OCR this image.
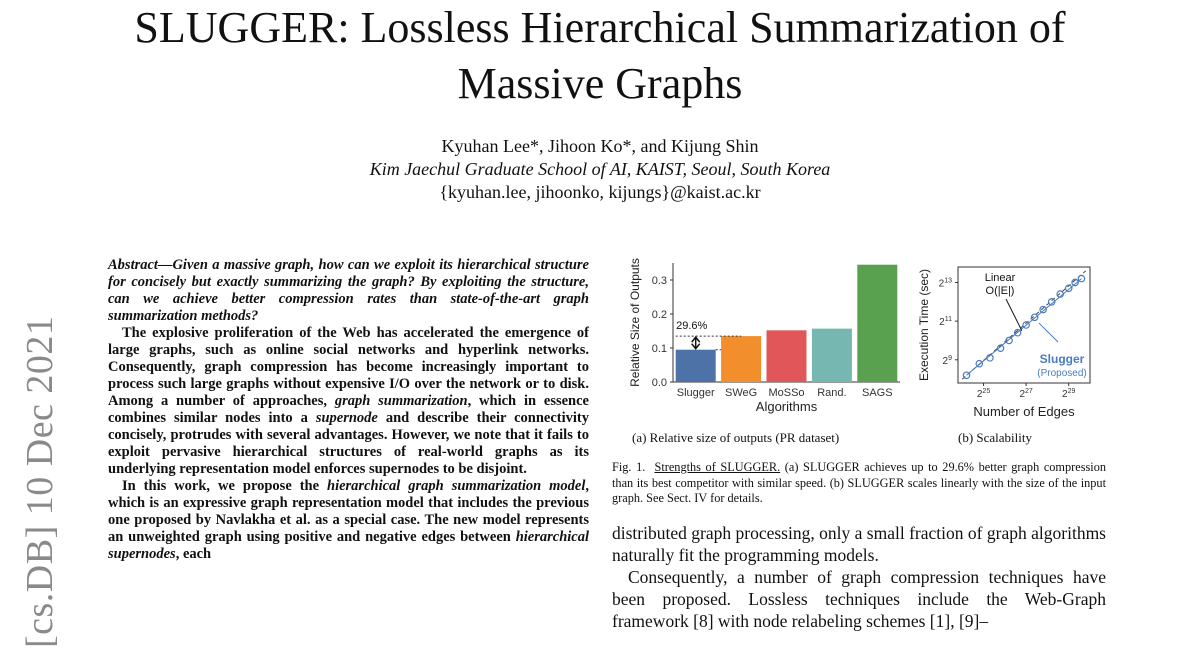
SLUGGER: Lossless Hierarchical Summarization of
Massive Graphs
Kyuhan Lee*, Jihoon Ko*, and Kijung Shin
Kim Jaechul Graduate School of AI, KAIST, Seoul, South Korea
{kyuhan.lee, jihoonko, kijungs}@kaist.ac.kr
[cs.DB] 10 Dec 2021

Abstract—Given a massive graph, how can we exploit its hierarchical structure for concisely but exactly summarizing the graph? By exploiting the structure, can we achieve better compression rates than state-of-the-art graph summarization methods?

The explosive proliferation of the Web has accelerated the emergence of large graphs, such as online social networks and hyperlink networks. Consequently, graph compression has become increasingly important to process such large graphs without expensive I/O over the network or to disk. Among a number of approaches, graph summarization, which in essence combines similar nodes into a supernode and describe their connectivity concisely, protrudes with several advantages. However, we note that it fails to exploit pervasive hierarchical structures of real-world graphs as its underlying representation model enforces supernodes to be disjoint.

In this work, we propose the hierarchical graph summarization model, which is an expressive graph representation model that includes the previous one proposed by Navlakha et al. as a special case. The new model represents an unweighted graph using positive and negative edges between hierarchical supernodes, each

0.0
0.1
0.2
0.3
Slugger SWeG MoSSo Rand. SAGS
29.6%
Algorithms
Relative Size of Outputs	$2^9$
$2^{11}$
$2^{13}$
$2^{25}$	$2^{27}$	$2^{29}$
Linear
O(|E|)
Slugger
(Proposed)
Number of Edges
Execution Time (sec)
(a) Relative size of outputs (PR dataset)	(b) Scalability
Fig. 1. Strengths of SLUGGER. (a) SLUGGER achieves up to 29.6% better graph compression than its best competitor with similar speed. (b) SLUGGER scales linearly with the size of the input graph. See Sect. IV for details.

distributed graph processing, only a small fraction of graph algorithms naturally fit the programming models.

Consequently, a number of graph compression techniques have been proposed. Lossless techniques include the Web-Graph framework [8] with node relabeling schemes [1], [9]–
